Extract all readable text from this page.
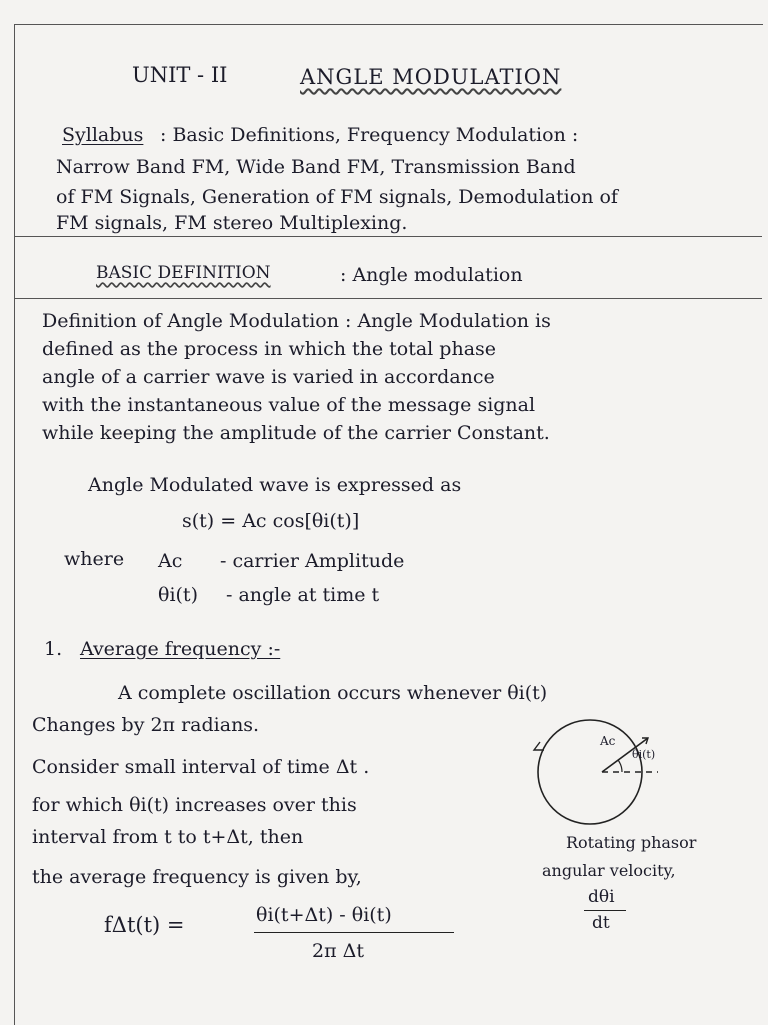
UNIT - II	ANGLE MODULATION
Syllabus : Basic Definitions, Frequency Modulation :
Narrow Band FM, Wide Band FM, Transmission Band
of FM Signals, Generation of FM signals, Demodulation of
FM signals, FM stereo Multiplexing.
BASIC DEFINITION	: Angle modulation
Definition of Angle Modulation : Angle Modulation is
defined as the process in which the total phase
angle of a carrier wave is varied in accordance
with the instantaneous value of the message signal
while keeping the amplitude of the carrier Constant.
Angle Modulated wave is expressed as
s(t) = Ac cos[θi(t)]
where Ac - carrier Amplitude
θi(t) - angle at time t
1. Average frequency :-
A complete oscillation occurs whenever θi(t)
Changes by 2π radians.
Consider small interval of time Δt .
for which θi(t) increases over this
interval from t to t+Δt, then
the average frequency is given by,
fΔt(t) =	θi(t+Δt) - θi(t)
2π Δt
Ac
θi(t)
Rotating phasor
angular velocity,
dθi
dt
